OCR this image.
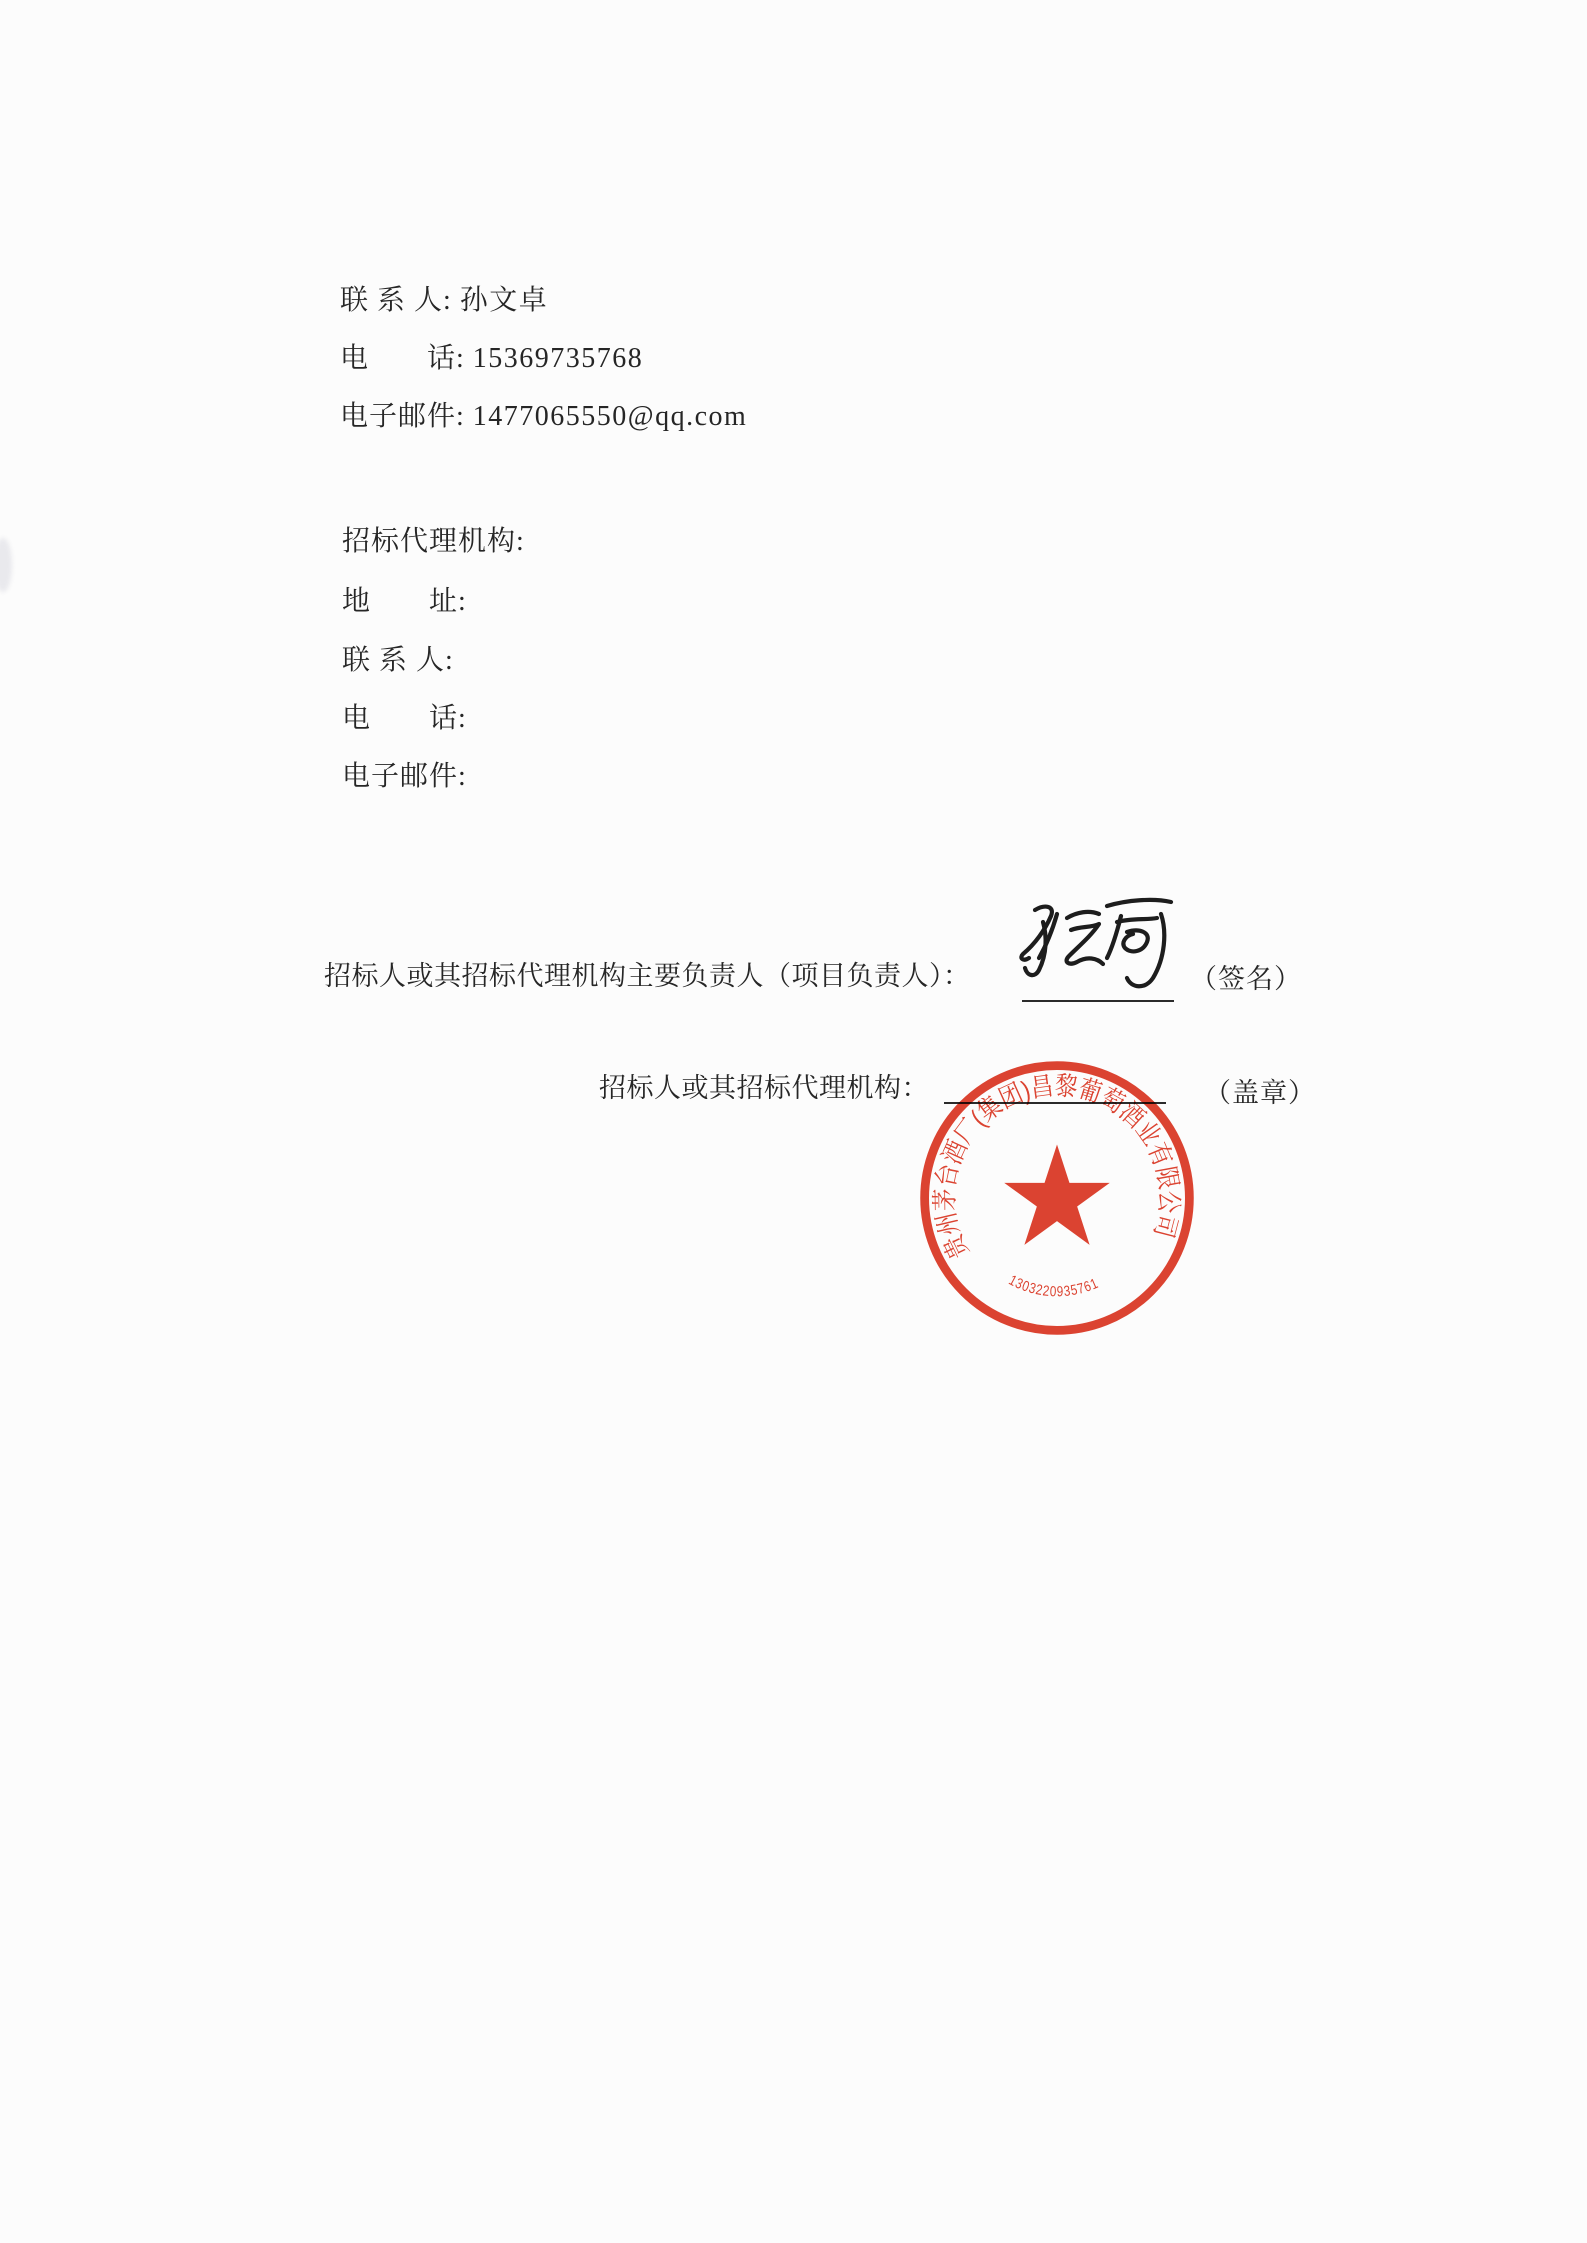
联 系 人: 孙文卓

电　　话: 15369735768

电子邮件: 1477065550@qq.com

招标代理机构:

地　　址:

联 系 人:

电　　话:

电子邮件:

招标人或其招标代理机构主要负责人（项目负责人）：	（签名）
招标人或其招标代理机构：	（盖章）
贵州茅台酒厂(集团)昌黎葡萄酒业有限公司
1303220935761
